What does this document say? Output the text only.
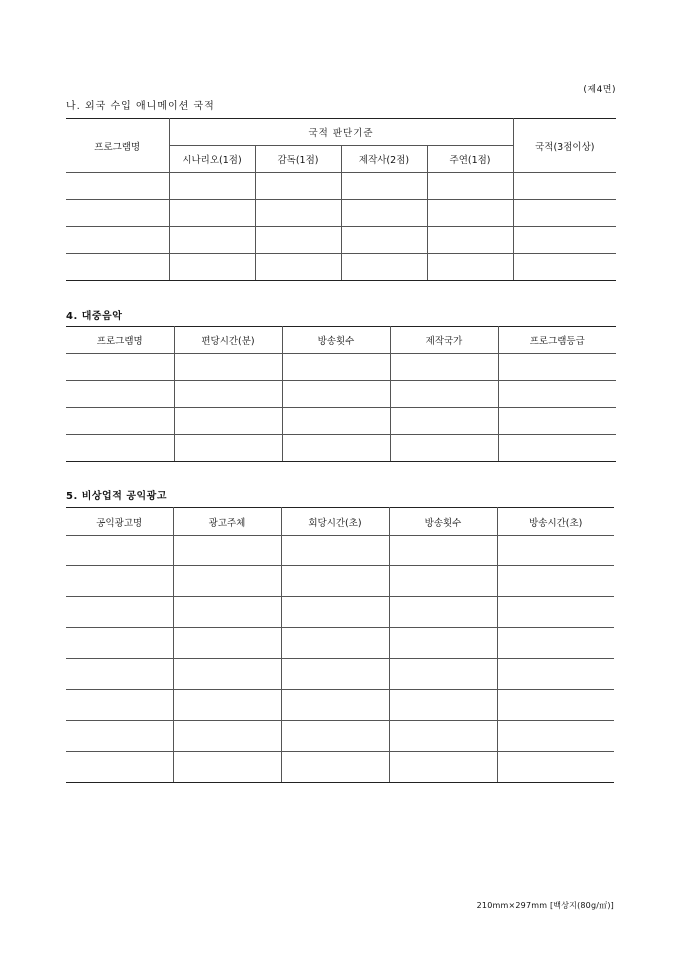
(제4면)
나. 외국 수입 애니메이션 국적
프로그램명	국적 판단기준				국적(3점이상)
	시나리오(1점)	감독(1점)	제작사(2점)	주연(1점)	

4. 대중음악
프로그램명	편당시간(분)	방송횟수	제작국가	프로그램등급

5. 비상업적 공익광고
공익광고명	광고주체	회당시간(초)	방송횟수	방송시간(초)

210mm×297mm [백상지(80g/㎡)]
